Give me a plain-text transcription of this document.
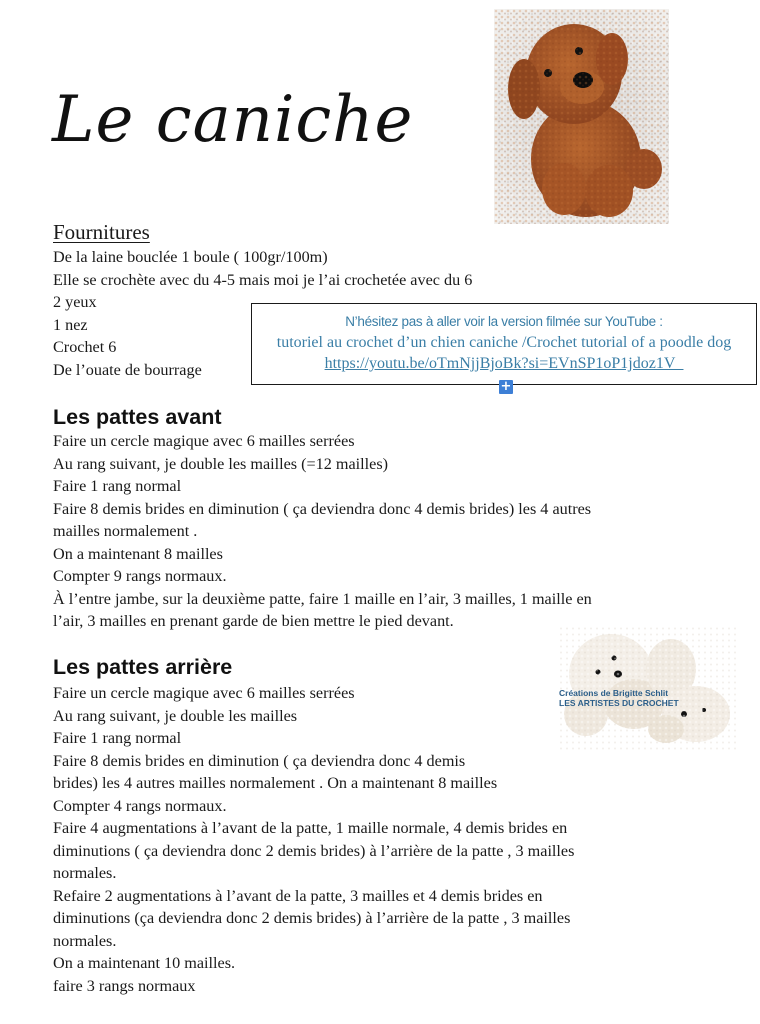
Le caniche
Fournitures
De la laine bouclée 1 boule ( 100gr/100m)
Elle se crochète avec du 4-5 mais moi je l’ai crochetée avec du 6
2 yeux
1 nez
Crochet 6
De l’ouate de bourrage
N’hésitez pas à aller voir la version filmée sur YouTube :
tutoriel au crochet d’un chien caniche /Crochet tutorial of a poodle dog
https://youtu.be/oTmNjjBjoBk?si=EVnSP1oP1jdoz1V_
+
Les pattes avant
Faire un cercle magique avec 6 mailles serrées
Au rang suivant, je double les mailles (=12 mailles)
Faire 1 rang normal
Faire 8 demis brides en diminution ( ça deviendra donc 4 demis brides) les 4 autres
mailles normalement .
On a maintenant 8 mailles
Compter 9 rangs normaux.
À l’entre jambe, sur la deuxième patte, faire 1 maille en l’air, 3 mailles, 1 maille en
l’air, 3 mailles en prenant garde de bien mettre le pied devant.
Créations de Brigitte Schlit
LES ARTISTES DU CROCHET
Les pattes arrière
Faire un cercle magique avec 6 mailles serrées
Au rang suivant, je double les mailles
Faire 1 rang normal
Faire 8 demis brides en diminution ( ça deviendra donc 4 demis
brides) les 4 autres mailles normalement . On a maintenant 8 mailles
Compter 4 rangs normaux.
Faire 4 augmentations à l’avant de la patte, 1 maille normale, 4 demis brides en
diminutions ( ça deviendra donc 2 demis brides) à l’arrière de la patte , 3 mailles
normales.
Refaire 2 augmentations à l’avant de la patte, 3 mailles et 4 demis brides en
diminutions (ça deviendra donc 2 demis brides) à l’arrière de la patte , 3 mailles
normales.
On a maintenant 10 mailles.
faire 3 rangs normaux
